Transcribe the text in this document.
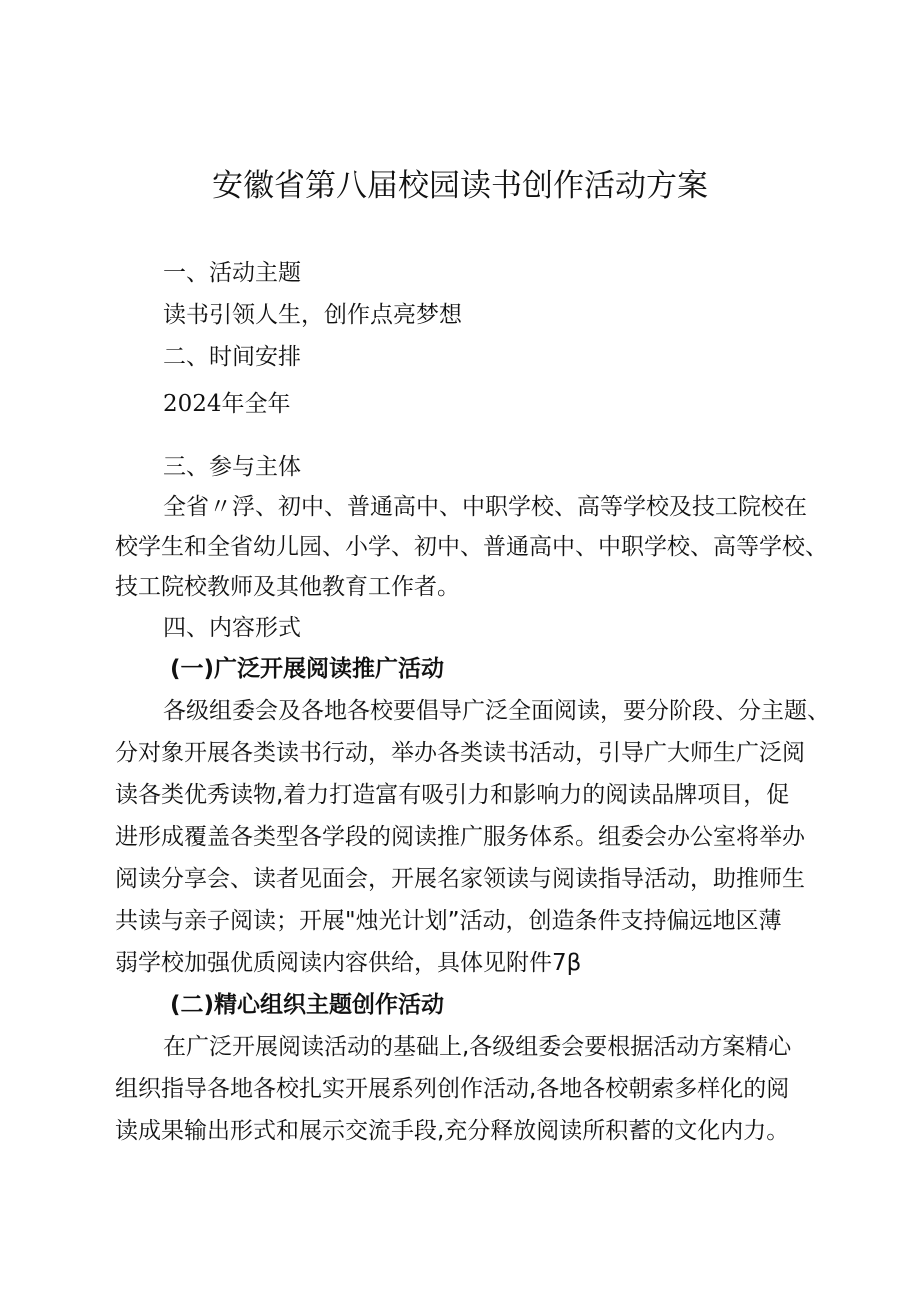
安徽省第八届校园读书创作活动方案
一、活动主题
读书引领人生，创作点亮梦想
二、时间安排
2024年全年
三、参与主体
全省〃浮、初中、普通高中、中职学校、高等学校及技工院校在
校学生和全省幼儿园、小学、初中、普通高中、中职学校、高等学校、
技工院校教师及其他教育工作者。
四、内容形式
(一)广泛开展阅读推广活动
各级组委会及各地各校要倡导广泛全面阅读，要分阶段、分主题、
分对象开展各类读书行动，举办各类读书活动，引导广大师生广泛阅
读各类优秀读物,着力打造富有吸引力和影响力的阅读品牌项目，促
进形成覆盖各类型各学段的阅读推广服务体系。组委会办公室将举办
阅读分享会、读者见面会，开展名家领读与阅读指导活动，助推师生
共读与亲子阅读；开展"烛光计划”活动，创造条件支持偏远地区薄
弱学校加强优质阅读内容供给，具体见附件7β
(二)精心组织主题创作活动
在广泛开展阅读活动的基础上,各级组委会要根据活动方案精心
组织指导各地各校扎实开展系列创作活动,各地各校朝索多样化的阅
读成果输出形式和展示交流手段,充分释放阅读所积蓄的文化内力。
